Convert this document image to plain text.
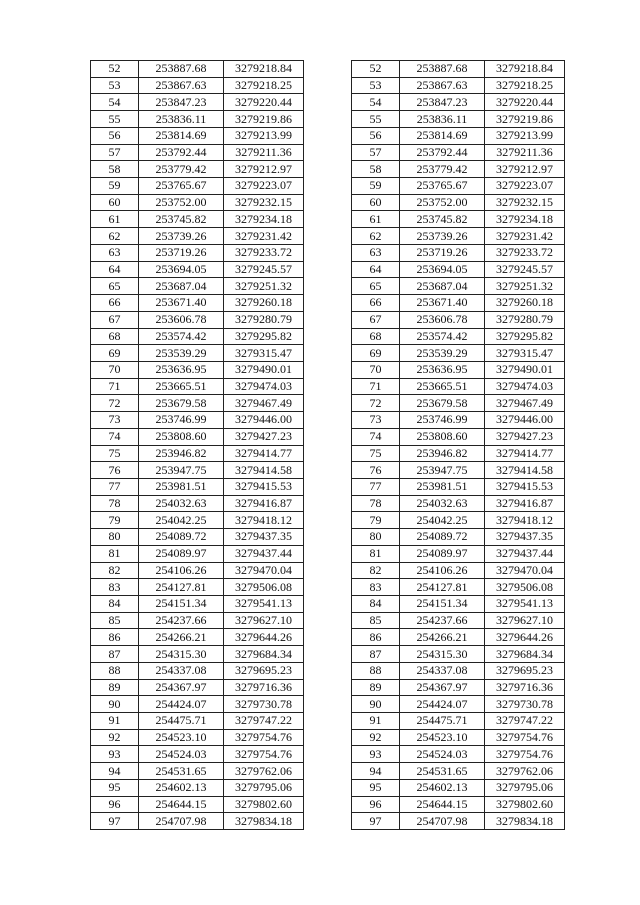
52	253887.68	3279218.84
53	253867.63	3279218.25
54	253847.23	3279220.44
55	253836.11	3279219.86
56	253814.69	3279213.99
57	253792.44	3279211.36
58	253779.42	3279212.97
59	253765.67	3279223.07
60	253752.00	3279232.15
61	253745.82	3279234.18
62	253739.26	3279231.42
63	253719.26	3279233.72
64	253694.05	3279245.57
65	253687.04	3279251.32
66	253671.40	3279260.18
67	253606.78	3279280.79
68	253574.42	3279295.82
69	253539.29	3279315.47
70	253636.95	3279490.01
71	253665.51	3279474.03
72	253679.58	3279467.49
73	253746.99	3279446.00
74	253808.60	3279427.23
75	253946.82	3279414.77
76	253947.75	3279414.58
77	253981.51	3279415.53
78	254032.63	3279416.87
79	254042.25	3279418.12
80	254089.72	3279437.35
81	254089.97	3279437.44
82	254106.26	3279470.04
83	254127.81	3279506.08
84	254151.34	3279541.13
85	254237.66	3279627.10
86	254266.21	3279644.26
87	254315.30	3279684.34
88	254337.08	3279695.23
89	254367.97	3279716.36
90	254424.07	3279730.78
91	254475.71	3279747.22
92	254523.10	3279754.76
93	254524.03	3279754.76
94	254531.65	3279762.06
95	254602.13	3279795.06
96	254644.15	3279802.60
97	254707.98	3279834.18
52	253887.68	3279218.84
53	253867.63	3279218.25
54	253847.23	3279220.44
55	253836.11	3279219.86
56	253814.69	3279213.99
57	253792.44	3279211.36
58	253779.42	3279212.97
59	253765.67	3279223.07
60	253752.00	3279232.15
61	253745.82	3279234.18
62	253739.26	3279231.42
63	253719.26	3279233.72
64	253694.05	3279245.57
65	253687.04	3279251.32
66	253671.40	3279260.18
67	253606.78	3279280.79
68	253574.42	3279295.82
69	253539.29	3279315.47
70	253636.95	3279490.01
71	253665.51	3279474.03
72	253679.58	3279467.49
73	253746.99	3279446.00
74	253808.60	3279427.23
75	253946.82	3279414.77
76	253947.75	3279414.58
77	253981.51	3279415.53
78	254032.63	3279416.87
79	254042.25	3279418.12
80	254089.72	3279437.35
81	254089.97	3279437.44
82	254106.26	3279470.04
83	254127.81	3279506.08
84	254151.34	3279541.13
85	254237.66	3279627.10
86	254266.21	3279644.26
87	254315.30	3279684.34
88	254337.08	3279695.23
89	254367.97	3279716.36
90	254424.07	3279730.78
91	254475.71	3279747.22
92	254523.10	3279754.76
93	254524.03	3279754.76
94	254531.65	3279762.06
95	254602.13	3279795.06
96	254644.15	3279802.60
97	254707.98	3279834.18
